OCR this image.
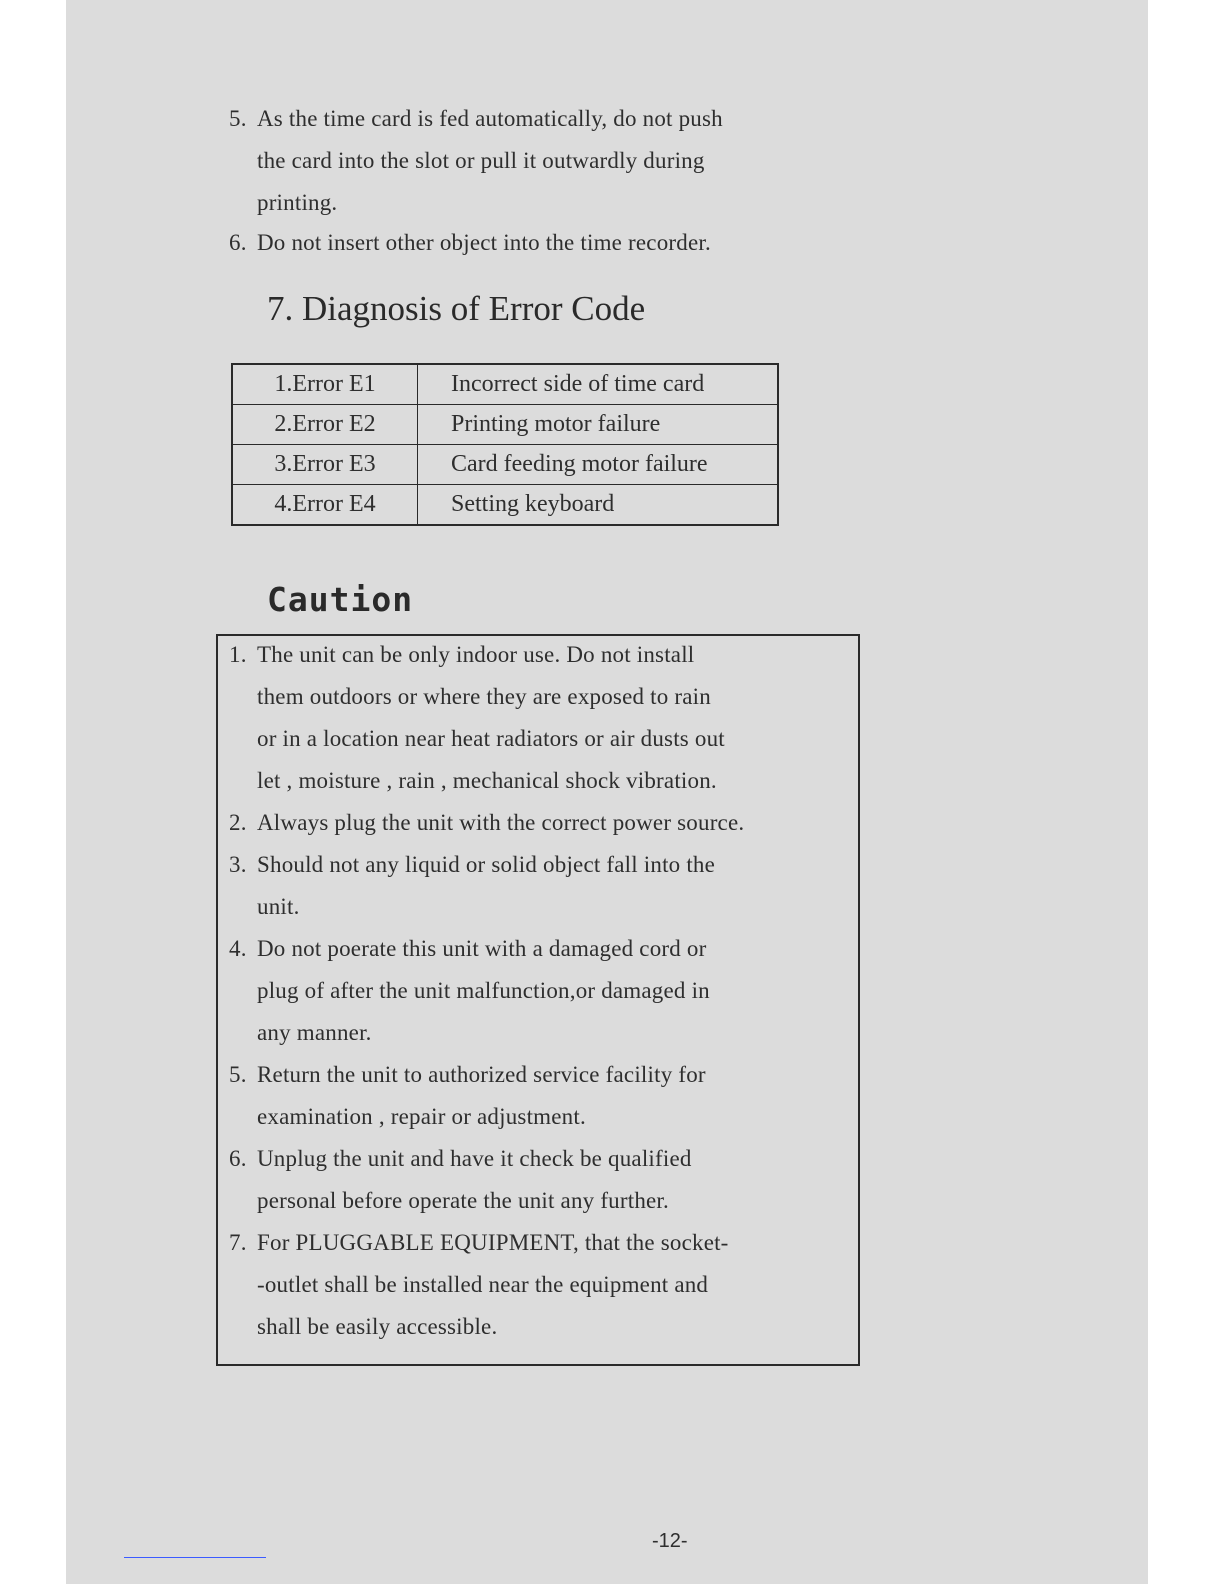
5. As the time card is fed automatically, do not push
the card into the slot or pull it outwardly during
printing.
6. Do not insert other object into the time recorder.
7. Diagnosis of Error Code
1.Error E1	Incorrect side of time card
2.Error E2	Printing motor failure
3.Error E3	Card feeding motor failure
4.Error E4	Setting keyboard
Caution
1. The unit can be only indoor use. Do not install
them outdoors or where they are exposed to rain
or in a location near heat radiators or air dusts out
let , moisture , rain , mechanical shock vibration.
2. Always plug the unit with the correct power source.
3. Should not any liquid or solid object fall into the
unit.
4. Do not poerate this unit with a damaged cord or
plug of after the unit malfunction,or damaged in
any manner.
5. Return the unit to authorized service facility for
examination , repair or adjustment.
6. Unplug the unit and have it check be qualified
personal before operate the unit any further.
7. For PLUGGABLE EQUIPMENT, that the socket-
-outlet shall be installed near the equipment and
shall be easily accessible.
-12-
